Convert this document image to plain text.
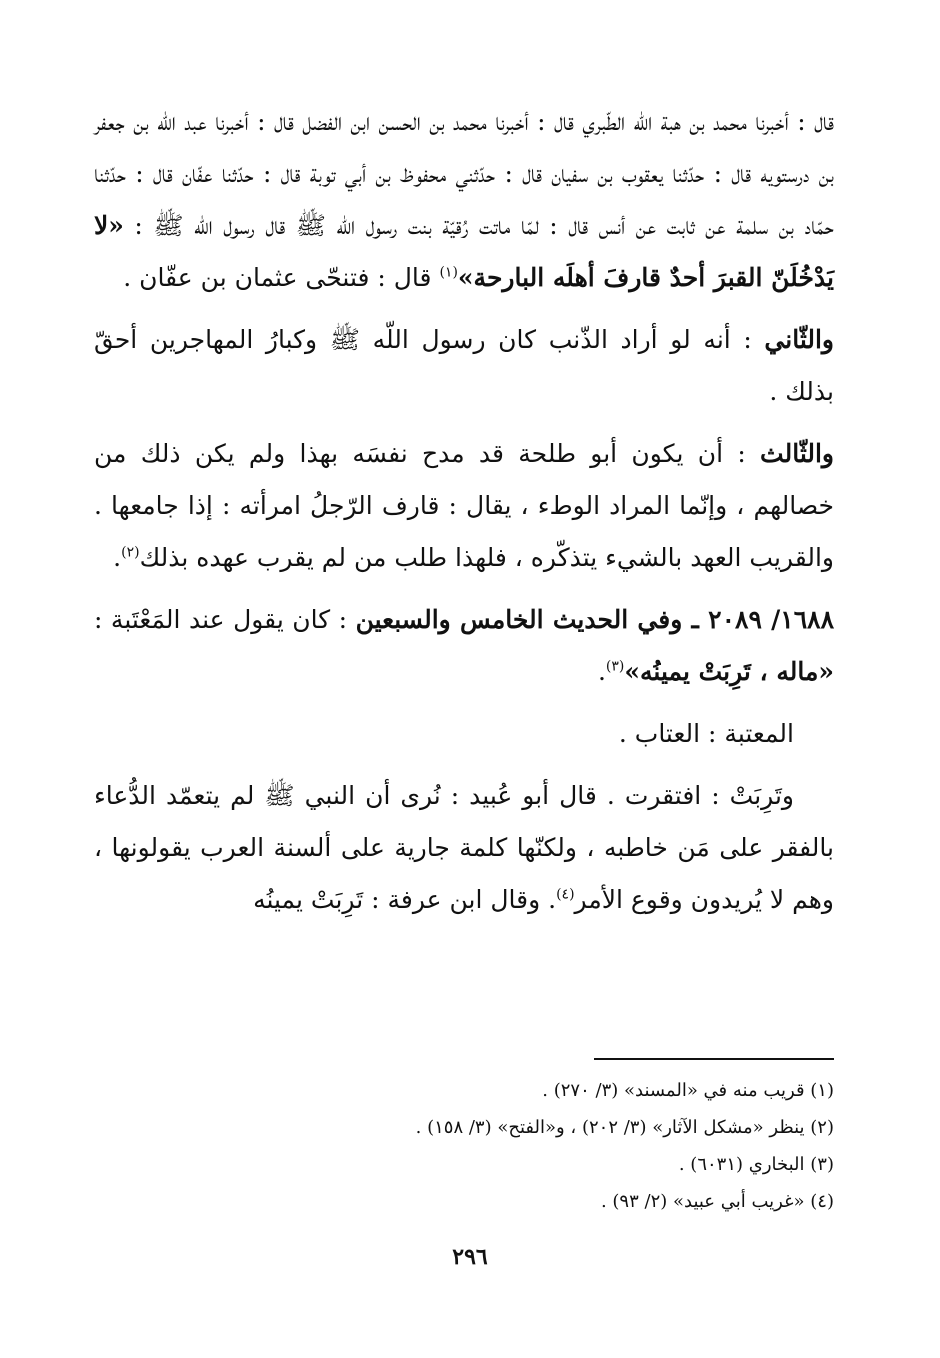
قال : أخبرنا محمد بن هبة اللّه الطّبري قال : أخبرنا محمد بن الحسن ابن الفضل قال : أخبرنا عبد اللّه بن جعفر بن درستويه قال : حدّثنا يعقوب بن سفيان قال : حدّثني محفوظ بن أبي توبة قال : حدّثنا عفّان قال : حدّثنا حمّاد بن سلمة عن ثابت عن أنس قال : لمّا ماتت رُقيّة بنت رسول اللّه ﷺ قال رسول اللّه ﷺ : «لا يَدْخُلَنّ القبرَ أحدٌ قارفَ أهلَه البارحة»$^{(١)}$ قال : فتنحّى عثمان بن عفّان .

والثّاني : أنه لو أراد الذّنب كان رسول اللّه ﷺ وكبارُ المهاجرين أحقّ بذلك .

والثّالث : أن يكون أبو طلحة قد مدح نفسَه بهذا ولم يكن ذلك من خصالهم ، وإنّما المراد الوطء ، يقال : قارف الرّجلُ امرأته : إذا جامعها . والقريب العهد بالشيء يتذكّره ، فلهذا طلب من لم يقرب عهده بذلك$^{(٢)}$.

١٦٨٨/ ٢٠٨٩ ـ وفي الحديث الخامس والسبعين : كان يقول عند المَعْتَبة : «ماله ، تَرِبَتْ يمينُه»$^{(٣)}$.

المعتبة : العتاب .

وتَرِبَتْ : افتقرت . قال أبو عُبيد : نُرى أن النبي ﷺ لم يتعمّد الدُّعاء بالفقر على مَن خاطبه ، ولكنّها كلمة جارية على ألسنة العرب يقولونها ، وهم لا يُريدون وقوع الأمر$^{(٤)}$. وقال ابن عرفة : تَرِبَتْ يمينُه

(١) قريب منه في «المسند» (٣/ ٢٧٠) .

(٢) ينظر «مشكل الآثار» (٣/ ٢٠٢) ، و«الفتح» (٣/ ١٥٨) .

(٣) البخاري (٦٠٣١) .

(٤) «غريب أبي عبيد» (٢/ ٩٣) .

٢٩٦
